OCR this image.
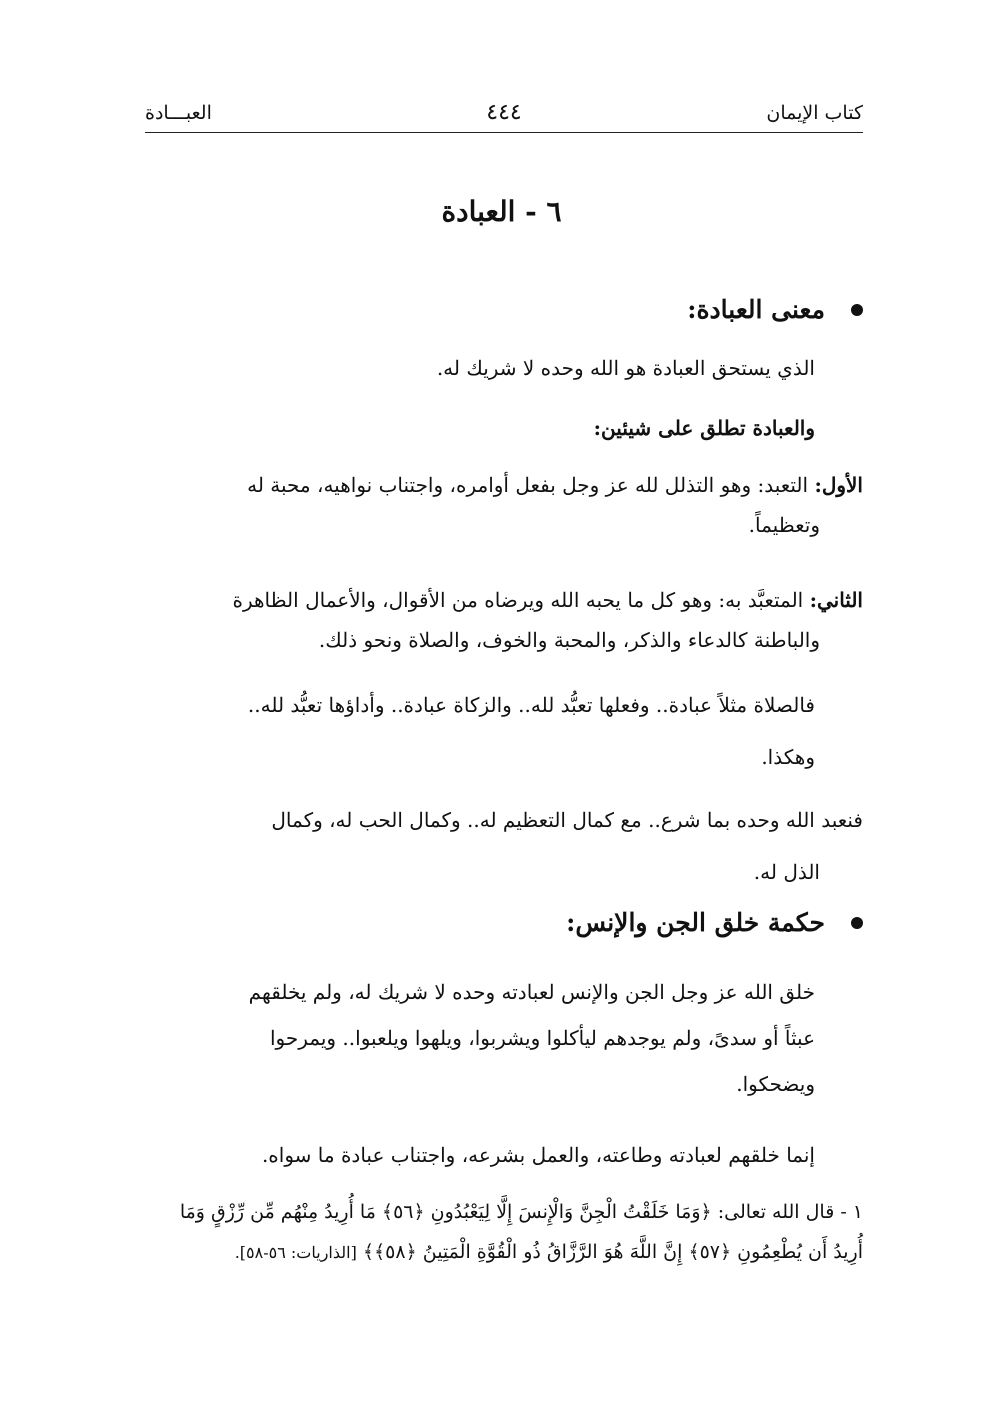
كتاب الإيمان
٤٤٤
العبـــادة
٦ - العبادة
معنى العبادة:
الذي يستحق العبادة هو الله وحده لا شريك له.
والعبادة تطلق على شيئين:
الأول: التعبد: وهو التذلل لله عز وجل بفعل أوامره، واجتناب نواهيه، محبة له
وتعظيماً.
الثاني: المتعبَّد به: وهو كل ما يحبه الله ويرضاه من الأقوال، والأعمال الظاهرة
والباطنة كالدعاء والذكر، والمحبة والخوف، والصلاة ونحو ذلك.
فالصلاة مثلاً عبادة.. وفعلها تعبُّد لله.. والزكاة عبادة.. وأداؤها تعبُّد لله..
وهكذا.
فنعبد الله وحده بما شرع.. مع كمال التعظيم له.. وكمال الحب له، وكمال
الذل له.
حكمة خلق الجن والإنس:
خلق الله عز وجل الجن والإنس لعبادته وحده لا شريك له، ولم يخلقهم
عبثاً أو سدىً، ولم يوجدهم ليأكلوا ويشربوا، ويلهوا ويلعبوا.. ويمرحوا
ويضحكوا.
إنما خلقهم لعبادته وطاعته، والعمل بشرعه، واجتناب عبادة ما سواه.
١ - قال الله تعالى: ﴿وَمَا خَلَقْتُ الْجِنَّ وَالْإِنسَ إِلَّا لِيَعْبُدُونِ ﴿٥٦﴾ مَا أُرِيدُ مِنْهُم مِّن رِّزْقٍ وَمَا
أُرِيدُ أَن يُطْعِمُونِ ﴿٥٧﴾ إِنَّ اللَّهَ هُوَ الرَّزَّاقُ ذُو الْقُوَّةِ الْمَتِينُ ﴿٥٨﴾﴾ [الذاريات: ٥٦-٥٨].
